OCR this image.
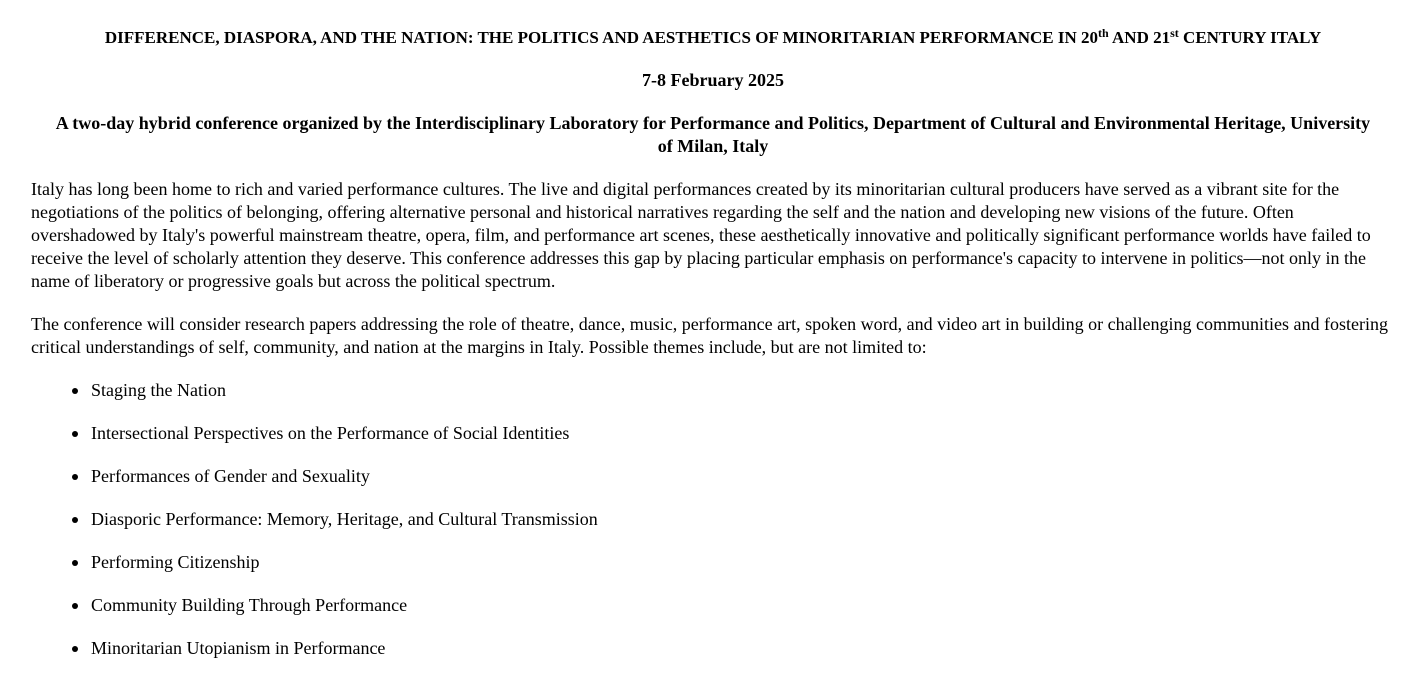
DIFFERENCE, DIASPORA, AND THE NATION: THE POLITICS AND AESTHETICS OF MINORITARIAN PERFORMANCE IN 20th AND 21st CENTURY ITALY
7-8 February 2025
A two-day hybrid conference organized by the Interdisciplinary Laboratory for Performance and Politics, Department of Cultural and Environmental Heritage, University of Milan, Italy

Italy has long been home to rich and varied performance cultures. The live and digital performances created by its minoritarian cultural producers have served as a vibrant site for the negotiations of the politics of belonging, offering alternative personal and historical narratives regarding the self and the nation and developing new visions of the future. Often overshadowed by Italy's powerful mainstream theatre, opera, film, and performance art scenes, these aesthetically innovative and politically significant performance worlds have failed to receive the level of scholarly attention they deserve. This conference addresses this gap by placing particular emphasis on performance's capacity to intervene in politics—not only in the name of liberatory or progressive goals but across the political spectrum.

The conference will consider research papers addressing the role of theatre, dance, music, performance art, spoken word, and video art in building or challenging communities and fostering critical understandings of self, community, and nation at the margins in Italy. Possible themes include, but are not limited to:

Staging the Nation
Intersectional Perspectives on the Performance of Social Identities
Performances of Gender and Sexuality
Diasporic Performance: Memory, Heritage, and Cultural Transmission
Performing Citizenship
Community Building Through Performance
Minoritarian Utopianism in Performance
